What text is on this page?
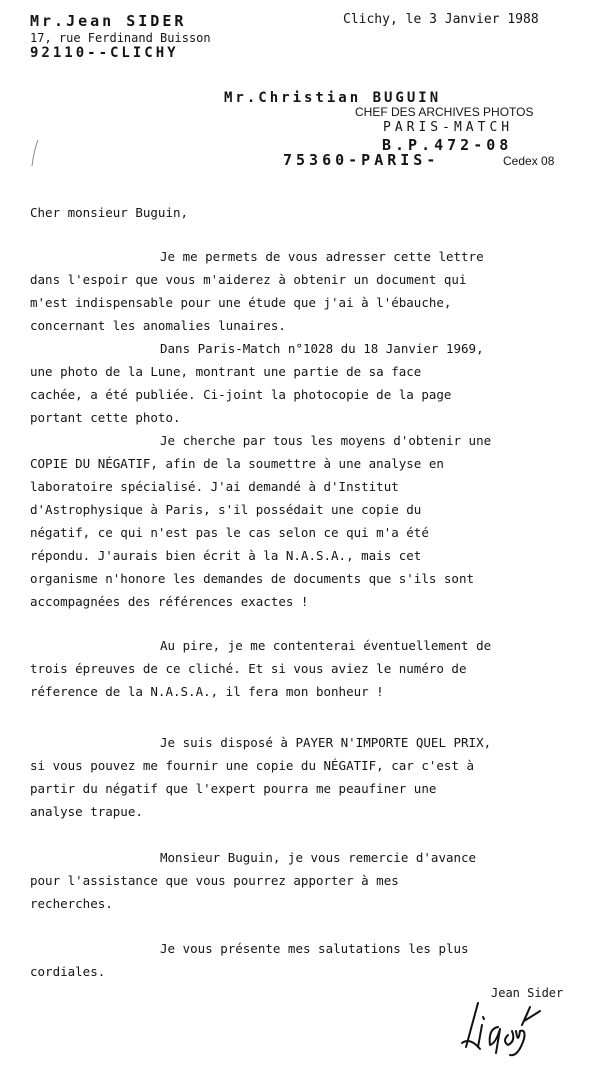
Mr.Jean SIDER
17, rue Ferdinand Buisson
92110--CLICHY
Clichy, le 3 Janvier 1988
Mr.Christian BUGUIN
CHEF DES ARCHIVES PHOTOS
PARIS-MATCH
B.P.472-08
75360-PARIS-	Cedex 08
Cher monsieur Buguin,
Je me permets de vous adresser cette lettre
dans l'espoir que vous m'aiderez à obtenir un document qui
m'est indispensable pour une étude que j'ai à l'ébauche,
concernant les anomalies lunaires.
Dans Paris-Match n°1028 du 18 Janvier 1969,
une photo de la Lune, montrant une partie de sa face
cachée, a été publiée. Ci-joint la photocopie de la page
portant cette photo.
Je cherche par tous les moyens d'obtenir une
COPIE DU NÉGATIF, afin de la soumettre à une analyse en
laboratoire spécialisé. J'ai demandé à d'Institut
d'Astrophysique à Paris, s'il possédait une copie du
négatif, ce qui n'est pas le cas selon ce qui m'a été
répondu. J'aurais bien écrit à la N.A.S.A., mais cet
organisme n'honore les demandes de documents que s'ils sont
accompagnées des références exactes !
Au pire, je me contenterai éventuellement de
trois épreuves de ce cliché. Et si vous aviez le numéro de
réference de la N.A.S.A., il fera mon bonheur !
Je suis disposé à PAYER N'IMPORTE QUEL PRIX,
si vous pouvez me fournir une copie du NÉGATIF, car c'est à
partir du négatif que l'expert pourra me peaufiner une
analyse trapue.
Monsieur Buguin, je vous remercie d'avance
pour l'assistance que vous pourrez apporter à mes
recherches.
Je vous présente mes salutations les plus
cordiales.
Jean Sider
